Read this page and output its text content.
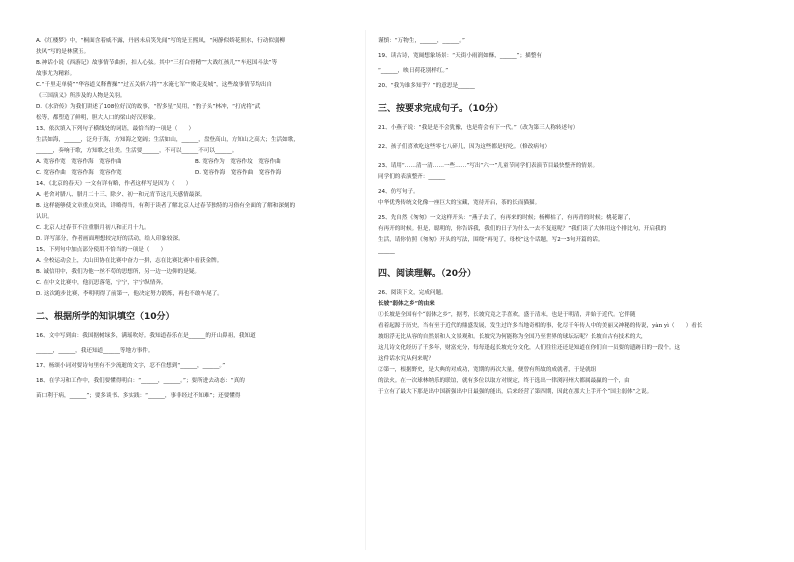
A.《红楼梦》中，“桐面含着威不露，丹唇未启笑先闻”写的是王熙凤，“闲静似娇花照水，行动似弱柳
扶风”写的是林黛玉。
B.神话小说《西游记》故事情节曲折，扣人心弦。其中“三打白骨精”“大战红孩儿”“车迟国斗法”等
故事尤为精彩。
C.“千里走单骑”“华容道义释曹操”“过五关斩六将”“水淹七军”“败走麦城”，这些故事情节均出自
《三国演义》所涉及的人物是关羽。
D.《水浒传》为我们讲述了108位好汉的故事，“智多星”吴用，“豹子头”林冲，“打虎将”武
松等，都塑造了鲜明，胆大人口的梁山好汉形象。
13、依次填入下列句子横线处的词语，最恰当的一项是（　　）
生活如海，______，泛舟于海，方知海之宽阔；生活如山，______，盘登高山，方知山之高大；生活如歌，
______，奏响于歌，方知歌之壮美。生活要______，不可以______不可以______。
A. 宽容作宽　宽容作海　宽容作曲	B. 宽容作为　宽容作坟　宽容作曲
C. 宽容作曲　宽容作海　宽容作宽	D. 宽容作海　宽容作曲　宽容作海
14、《北京的春天》一文有详有略，作者这样写是因为（　　）
A. 老舍对腊八、腊月二十三、除夕、初一和元宵节这几天感情最深。
B. 这样能够使文章重点突出，详略得当，有利于读者了解北京人过春节独特的习俗有全面的了解和深刻的
认识。
C. 北京人过春节不注重腊月初八和正月十九。
D. 详写部分，作者画面理想较完好的活动，给人印象较深。
15、下列句中加点部分使用不恰当的一项是（　　）
A. 全校运动会上，大山田协在比赛中奋力一拼，志在比赛比赛中看获金牌。
B. 诚信用中，我们为他一丝不苟的思想所，另一边一边仰的是疑。
C. 在中文比赛中，他沉思落笔，宁宁，宇宁纵情奔。
D. 这次跑步比赛，李明明得了前第一，他决定努力锻炼，再也不敢车尾了。
二、根据所学的知识填空（10分）
16、文中写到由：我国据树绿多，满瑶吹好。我知道春乐在是______的开山鼻祖，我知道
______，______，我还知道______等地方事件。
17、杨颂小词对要诗句里有不少流逝的文字，忍不住想到“______，______。”
18、在学习和工作中，我们要懂得明白：“______，______。”；要所进去动态：“真的
苗口利于病，______”；要多谈书、多实践：“______，事非经过不知难”；还要懂得
谨慎：“万物生，______，______。”
19、读古诗，宽阔想象场景：“天街小雨润如酥，______”；描整有
“______，映日荷花别样红。”
20、“我为谁多知乎？”的意思是______
三、按要求完成句子。（10分）
21、小燕子说：“我是是不会犹豫，也是将会有下一代。”（改为第三人称转述句）
22、孩子们喜欢吃这些零七八碎儿，因为这些都是好吃。（修改病句）
23、请用“……清一清……一些……”写出“六一”儿童节同学们表演节目最快整齐的情景。
同学们的表演整齐：______
24、仿写句子。
中华优秀传统文化像一座巨大的宝藏，宽待开启，茶的长而猫猫。
25、先自然《匆匆》一文这样开头：“燕子去了，有再来的时候；杨柳枯了，有再青的时候；桃花谢了，
有再开的时候。但是，聪明的，你告诉我，我们的日子为什么一去不复返呢？”我们读了大体用这个排比句，开启我的
生活，请你仿照《匆匆》开头的写法，围绕“再见了，母校”这个话题，写2一3句开篇的话。
______
四、阅读理解。（20分）
26、阅读下文，完成问题。
长坡“弱体之乡”的由来
①长坡是全国有个“弱体之乡”，据考，长坡究竟之手喜欢，盛于清末，也是于明清，并始于近代。它伴随
看着起源于历史，当有至于近代的鼎盛发展，发生过许多当地奇相的事，化尽千年传人中的美丽又神秘的传说，yàn yì（　　）看长
坡组浮无比从容的自然景和人文景观和。长坡究为何能称为全国乃至世界的球坛坛呢？长坡自古有技术的大，
这儿诗文化经历了千多年，财富充分，每每逢起长坡充分文化，人们往往还还是知道在你们自一员要的遗跡日的一段个。这
这件话水究从何来呢？
②第一，根据野史，是大典的对成功，宽期的再次大量，便曾有所故的成就者，于是就组
的法火。在一次球林纳乐的联谊，就有多位以取方对规定，终于选出一律浏河州大都属最赢的一个，由
于立有了最大下那是出中国新强出中日最强的能出，后来经营了第四期，因此在那大上手开个“国主弱体”之说。
